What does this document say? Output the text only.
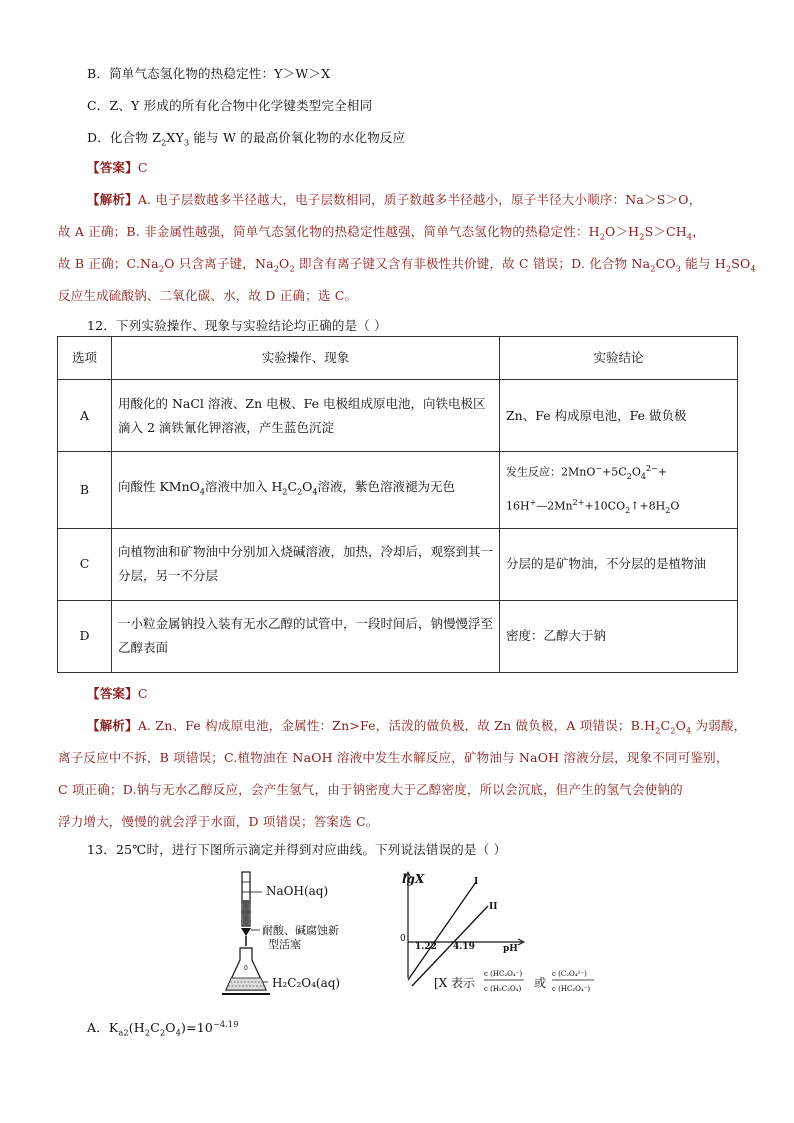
B．简单气态氢化物的热稳定性：Y＞W＞X
C．Z、Y 形成的所有化合物中化学键类型完全相同
D．化合物 $Z_2XY_3$ 能与 W 的最高价氧化物的水化物反应
【答案】C
【解析】A. 电子层数越多半径越大，电子层数相同，质子数越多半径越小，原子半径大小顺序：Na＞S＞O，
故 A 正确；B. 非金属性越强，简单气态氢化物的热稳定性越强，简单气态氢化物的热稳定性：$H_2O>H_2S>CH_4$，
故 B 正确；$C.Na_2O$ 只含离子键，$Na_2O_2$ 即含有离子键又含有非极性共价键，故 C 错误；D. 化合物 $Na_2CO_3$ 能与 $H_2SO_4$
反应生成硫酸钠、二氧化碳、水，故 D 正确；选 C。
12．下列实验操作、现象与实验结论均正确的是（ ）
选项	实验操作、现象	实验结论
A	用酸化的 NaCl 溶液、Zn 电极、Fe 电极组成原电池，向铁电极区滴入 2 滴铁氰化钾溶液，产生蓝色沉淀	Zn、Fe 构成原电池，Fe 做负极
B	向酸性 KMnO$_4$溶液中加入 $H_2C_2O_4$溶液，紫色溶液褪为无色	发生反应：$2MnO^-+5C_2O_4^{2-}+$
$16H^+—2Mn^{2+}+10CO_2↑+8H_2O$
C	向植物油和矿物油中分别加入烧碱溶液，加热，冷却后，观察到其一分层，另一不分层	分层的是矿物油，不分层的是植物油
D	一小粒金属钠投入装有无水乙醇的试管中，一段时间后，钠慢慢浮至乙醇表面	密度：乙醇大于钠
【答案】C
【解析】A. Zn、Fe 构成原电池，金属性：Zn>Fe，活泼的做负极，故 Zn 做负极，A 项错误；$B.H_2C_2O_4$ 为弱酸，
离子反应中不拆，B 项错误；C.植物油在 NaOH 溶液中发生水解反应，矿物油与 NaOH 溶液分层，现象不同可鉴别，
C 项正确；D.钠与无水乙醇反应，会产生氢气，由于钠密度大于乙醇密度，所以会沉底，但产生的氢气会使钠的
浮力增大，慢慢的就会浮于水面，D 项错误；答案选 C。
13．25℃时，进行下图所示滴定并得到对应曲线。下列说法错误的是（ ）
0
NaOH(aq)
耐酸、碱腐蚀新
型活塞
H₂C₂O₄(aq)
lgX
0
1.22 4.19	pH
I
II
[X 表示
c (HC₂O₄⁻)
c (H₂C₂O₄) 或
c (C₂O₄²⁻)
c (HC₂O₄⁻)
A．$K_{a2}(H_2C_2O_4)=10^{-4.19}$
